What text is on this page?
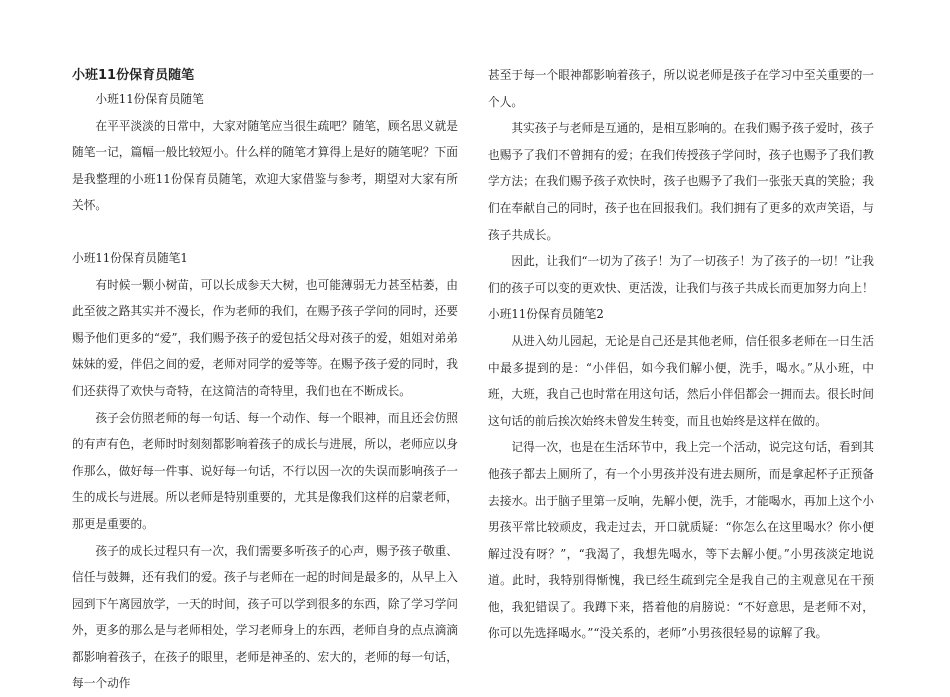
小班11份保育员随笔

小班11份保育员随笔

在平平淡淡的日常中，大家对随笔应当很生疏吧？随笔，顾名思义就是随笔一记，篇幅一般比较短小。什么样的随笔才算得上是好的随笔呢？下面是我整理的小班11份保育员随笔，欢迎大家借鉴与参考，期望对大家有所关怀。

小班11份保育员随笔1

有时候一颗小树苗，可以长成参天大树，也可能薄弱无力甚至枯萎，由此至彼之路其实并不漫长，作为老师的我们，在赐予孩子学问的同时，还要赐予他们更多的“爱”，我们赐予孩子的爱包括父母对孩子的爱，姐姐对弟弟妹妹的爱，伴侣之间的爱，老师对同学的爱等等。在赐予孩子爱的同时，我们还获得了欢快与奇特，在这简洁的奇特里，我们也在不断成长。

孩子会仿照老师的每一句话、每一个动作、每一个眼神，而且还会仿照的有声有色，老师时时刻刻都影响着孩子的成长与进展，所以，老师应以身作那么，做好每一件事、说好每一句话，不行以因一次的失误而影响孩子一生的成长与进展。所以老师是特别重要的，尤其是像我们这样的启蒙老师，那更是重要的。

孩子的成长过程只有一次，我们需要多听孩子的心声，赐予孩子敬重、信任与鼓舞，还有我们的爱。孩子与老师在一起的时间是最多的，从早上入园到下午离园放学，一天的时间，孩子可以学到很多的东西，除了学习学问外，更多的那么是与老师相处，学习老师身上的东西，老师自身的点点滴滴都影响着孩子，在孩子的眼里，老师是神圣的、宏大的，老师的每一句话，每一个动作

甚至于每一个眼神都影响着孩子，所以说老师是孩子在学习中至关重要的一个人。

其实孩子与老师是互通的，是相互影响的。在我们赐予孩子爱时，孩子也赐予了我们不曾拥有的爱；在我们传授孩子学问时，孩子也赐予了我们教学方法；在我们赐予孩子欢快时，孩子也赐予了我们一张张天真的笑脸；我们在奉献自己的同时，孩子也在回报我们。我们拥有了更多的欢声笑语，与孩子共成长。

因此，让我们“一切为了孩子！为了一切孩子！为了孩子的一切！”让我们的孩子可以变的更欢快、更活泼，让我们与孩子共成长而更加努力向上！

小班11份保育员随笔2

从进入幼儿园起，无论是自己还是其他老师，信任很多老师在一日生活中最多提到的是：“小伴侣，如今我们解小便，洗手，喝水。”从小班，中班，大班，我自己也时常在用这句话，然后小伴侣都会一拥而去。很长时间这句话的前后挨次始终未曾发生转变，而且也始终是这样在做的。

记得一次，也是在生活环节中，我上完一个活动，说完这句话，看到其他孩子都去上厕所了，有一个小男孩并没有进去厕所，而是拿起杯子正预备去接水。出于脑子里第一反响，先解小便，洗手，才能喝水，再加上这个小男孩平常比较顽皮，我走过去，开口就质疑：“你怎么在这里喝水？你小便解过没有呀？”，“我渴了，我想先喝水，等下去解小便。”小男孩淡定地说道。此时，我特别得惭愧，我已经生疏到完全是我自己的主观意见在干预他，我犯错误了。我蹲下来，搭着他的肩膀说：“不好意思，是老师不对，你可以先选择喝水。”“没关系的，老师”小男孩很轻易的谅解了我。
